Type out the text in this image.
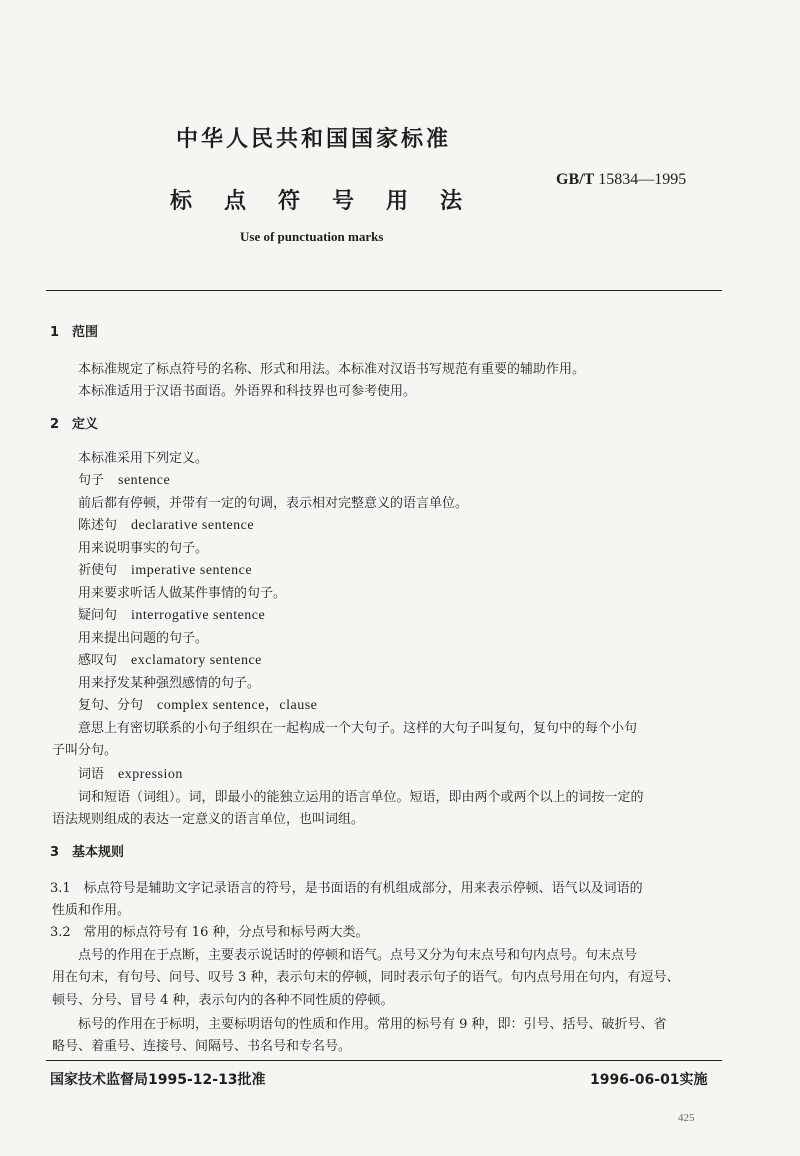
中华人民共和国国家标准
GB/T 15834—1995
标点符号用法
Use of punctuation marks
1　范围
本标准规定了标点符号的名称、形式和用法。本标准对汉语书写规范有重要的辅助作用。
本标准适用于汉语书面语。外语界和科技界也可参考使用。
2　定义
本标准采用下列定义。
句子 sentence
前后都有停顿，并带有一定的句调，表示相对完整意义的语言单位。
陈述句 declarative sentence
用来说明事实的句子。
祈使句 imperative sentence
用来要求听话人做某件事情的句子。
疑问句 interrogative sentence
用来提出问题的句子。
感叹句 exclamatory sentence
用来抒发某种强烈感情的句子。
复句、分句 complex sentence，clause
意思上有密切联系的小句子组织在一起构成一个大句子。这样的大句子叫复句，复句中的每个小句
子叫分句。
词语 expression
词和短语（词组）。词，即最小的能独立运用的语言单位。短语，即由两个或两个以上的词按一定的
语法规则组成的表达一定意义的语言单位，也叫词组。
3　基本规则
3.1　标点符号是辅助文字记录语言的符号，是书面语的有机组成部分，用来表示停顿、语气以及词语的
性质和作用。
3.2　常用的标点符号有 16 种，分点号和标号两大类。
点号的作用在于点断，主要表示说话时的停顿和语气。点号又分为句末点号和句内点号。句末点号
用在句末，有句号、问号、叹号 3 种，表示句末的停顿，同时表示句子的语气。句内点号用在句内，有逗号、
顿号、分号、冒号 4 种，表示句内的各种不同性质的停顿。
标号的作用在于标明，主要标明语句的性质和作用。常用的标号有 9 种，即：引号、括号、破折号、省
略号、着重号、连接号、间隔号、书名号和专名号。
国家技术监督局1995-12-13批准	1996-06-01实施
425
